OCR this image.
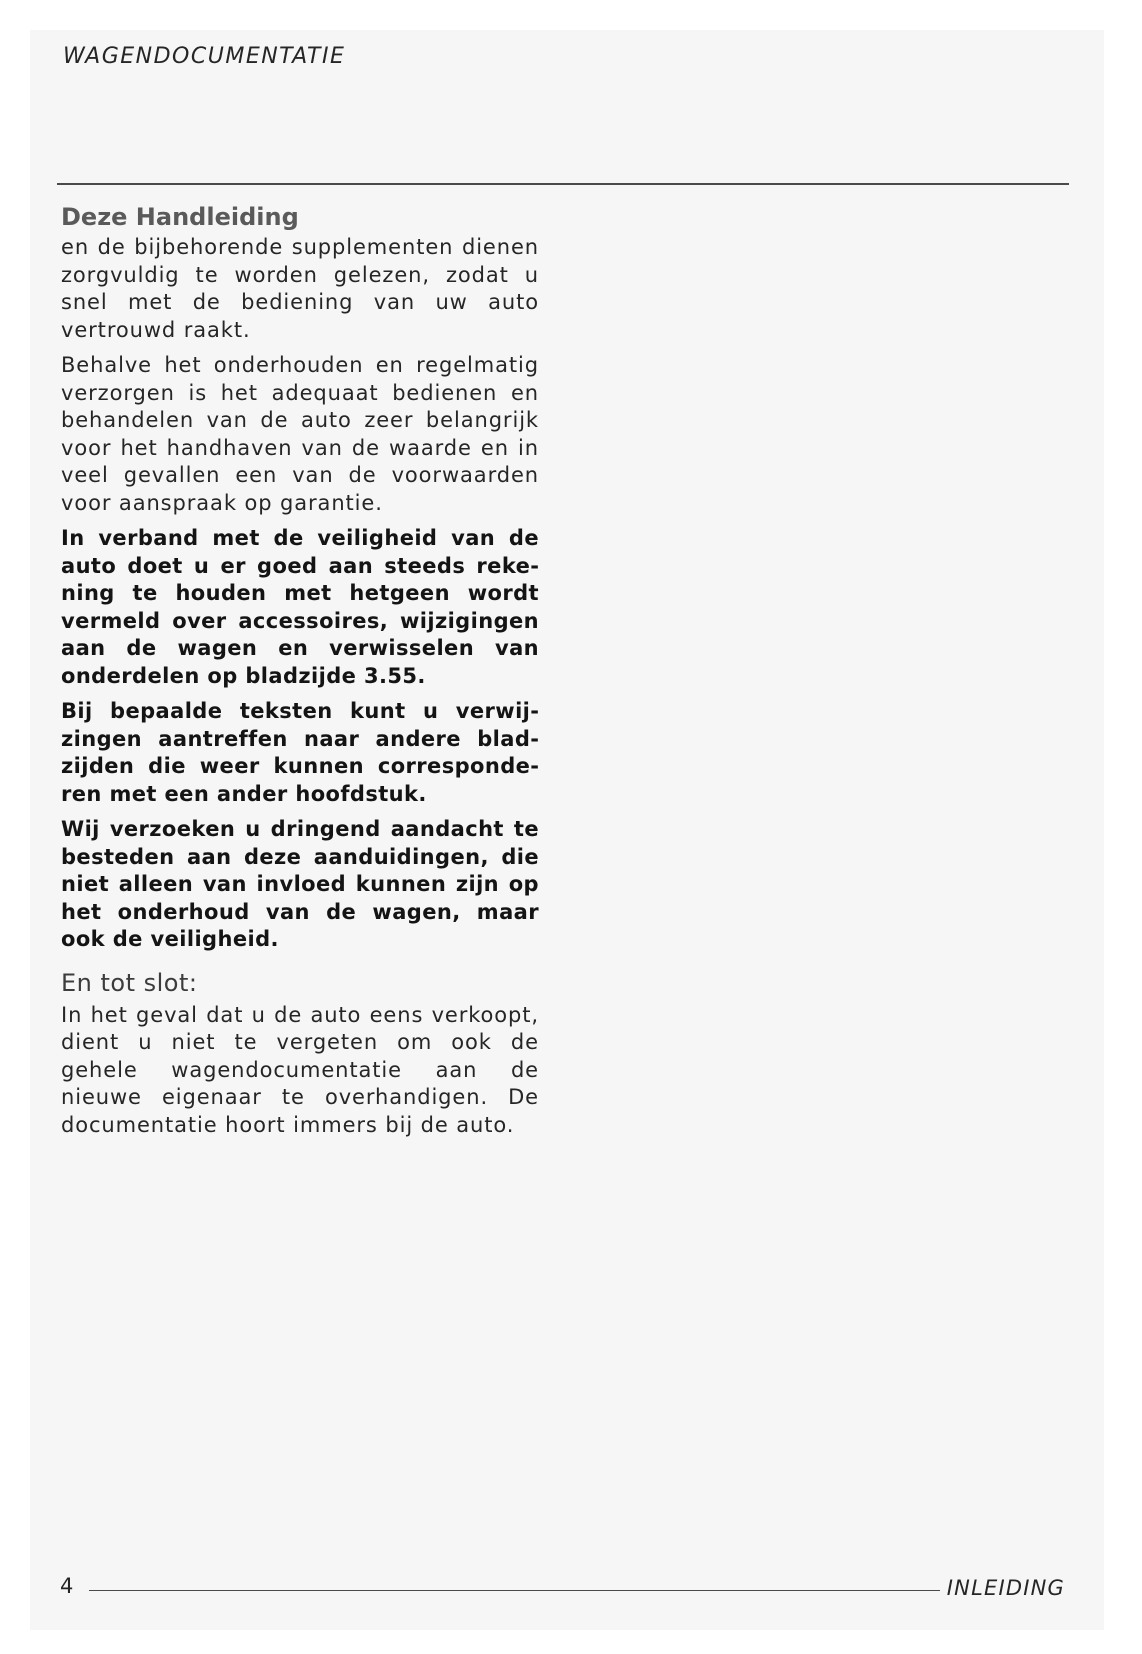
WAGENDOCUMENTATIE
Deze Handleiding

en de bijbehorende supplementen dienen zorgvuldig te worden gelezen, zodat u snel met de bediening van uw auto vertrouwd raakt.

Behalve het onderhouden en regelmatig verzorgen is het adequaat bedienen en behandelen van de auto zeer belangrijk voor het handhaven van de waarde en in veel gevallen een van de voorwaarden voor aanspraak op garantie.

In verband met de veiligheid van de auto doet u er goed aan steeds rekening te houden met hetgeen wordt vermeld over accessoires, wijzigingen aan de wagen en verwisselen van onderdelen op bladzijde 3.55.

Bij bepaalde teksten kunt u verwijzingen aantreffen naar andere bladzijden die weer kunnen corresponderen met een ander hoofdstuk.

Wij verzoeken u dringend aandacht te besteden aan deze aanduidingen, die niet alleen van invloed kunnen zijn op het onderhoud van de wagen, maar ook de veiligheid.

En tot slot:

In het geval dat u de auto eens verkoopt, dient u niet te vergeten om ook de gehele wagendocumentatie aan de nieuwe eigenaar te overhandigen. De documentatie hoort immers bij de auto.

4	INLEIDING
